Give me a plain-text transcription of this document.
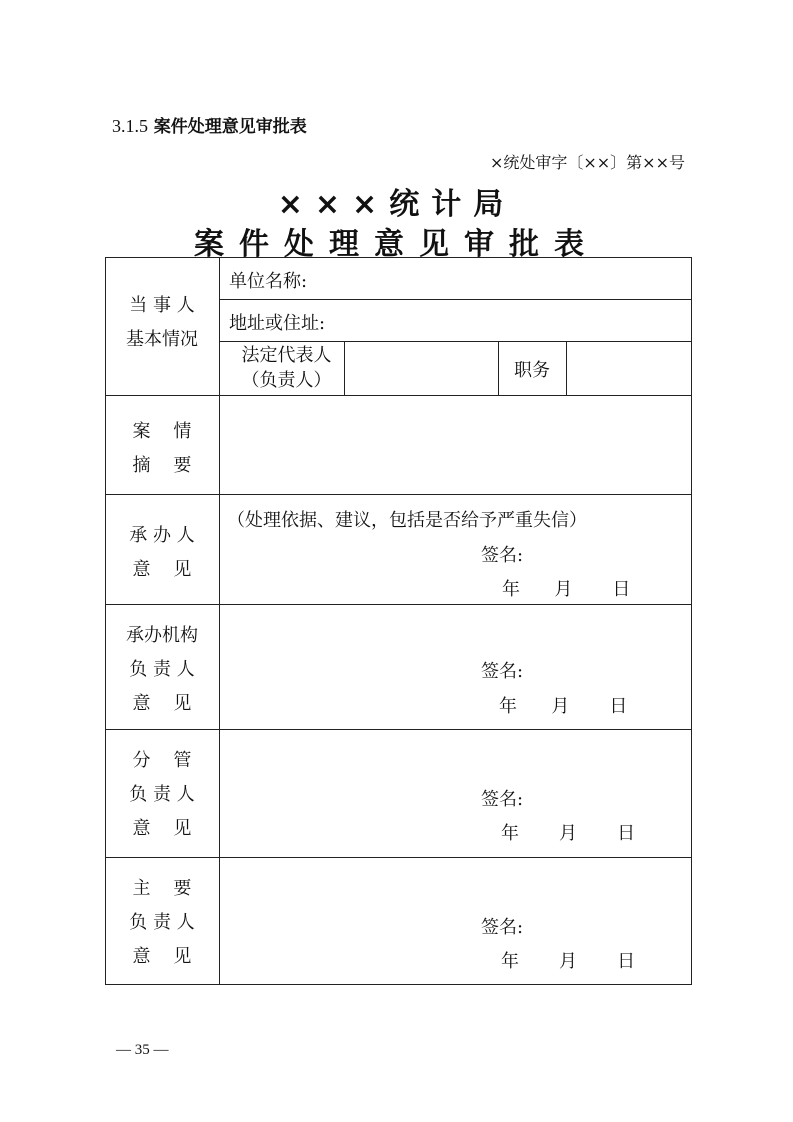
3.1.5 案件处理意见审批表
×统处审字〔××〕第××号
×××统计局
案件处理意见审批表
当 事 人
基本情况
单位名称:
地址或住址:
法定代表人
（负责人）	职务
案    情
摘    要
承 办 人
意    见
（处理依据、建议，包括是否给予严重失信）
签名:
年      月       日
承办机构
负 责 人
意    见
签名:
年      月       日
分    管
负 责 人
意    见
签名:
年       月       日
主    要
负 责 人
意    见
签名:
年       月       日
— 35 —
